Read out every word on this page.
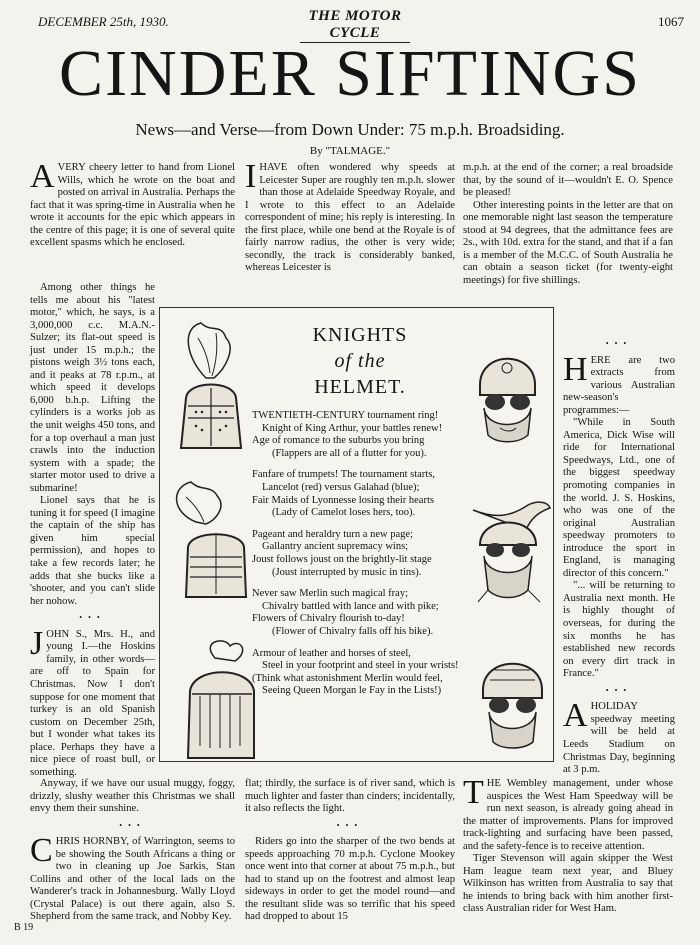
DECEMBER 25th, 1930.	THE MOTOR CYCLE
1067
CINDER SIFTINGS
News—and Verse—from Down Under: 75 m.p.h. Broadsiding.
By "TALMAGE."

AVERY cheery letter to hand from Lionel Wills, which he wrote on the boat and posted on arrival in Australia. Perhaps the fact that it was spring-time in Australia when he wrote it accounts for the epic which appears in the centre of this page; it is one of several quite excellent spasms which he enclosed.

Among other things he tells me about his "latest motor," which, he says, is a 3,000,000 c.c. M.A.N.-Sulzer; its flat-out speed is just under 15 m.p.h.; the pistons weigh 3½ tons each, and it peaks at 78 r.p.m., at which speed it develops 6,000 b.h.p. Lifting the cylinders is a works job as the unit weighs 450 tons, and for a top overhaul a man just crawls into the induction system with a spade; the starter motor used to drive a submarine!

Lionel says that he is tuning it for speed (I imagine the captain of the ship has given him special permission), and hopes to take a few records later; he adds that she bucks like a 'shooter, and you can't slide her nohow.

•••

JOHN S., Mrs. H., and young I.—the Hoskins family, in other words—are off to Spain for Christmas. Now I don't suppose for one moment that turkey is an old Spanish custom on December 25th, but I wonder what takes its place. Perhaps they have a nice piece of roast bull, or something.

Anyway, if we have our usual muggy, foggy, drizzly, slushy weather this Christmas we shall envy them their sunshine.

•••

CHRIS HORNBY, of Warrington, seems to be showing the South Africans a thing or two in cleaning up Joe Sarkis, Stan Collins and other of the local lads on the Wanderer's track in Johannesburg. Wally Lloyd (Crystal Palace) is out there again, also S. Shepherd from the same track, and Nobby Key.

IHAVE often wondered why speeds at Leicester Super are roughly ten m.p.h. slower than those at Adelaide Speedway Royale, and I wrote to this effect to an Adelaide correspondent of mine; his reply is interesting. In the first place, while one bend at the Royale is of fairly narrow radius, the other is very wide; secondly, the track is considerably banked, whereas Leicester is

flat; thirdly, the surface is of river sand, which is much lighter and faster than cinders; incidentally, it also reflects the light.

•••

Riders go into the sharper of the two bends at speeds approaching 70 m.p.h. Cyclone Mookey once went into that corner at about 75 m.p.h., but had to stand up on the footrest and almost leap sideways in order to get the model round—and the resultant slide was so terrific that his speed had dropped to about 15

m.p.h. at the end of the corner; a real broadside that, by the sound of it—wouldn't E. O. Spence be pleased!

Other interesting points in the letter are that on one memorable night last season the temperature stood at 94 degrees, that the admittance fees are 2s., with 10d. extra for the stand, and that if a fan is a member of the M.C.C. of South Australia he can obtain a season ticket (for twenty-eight meetings) for five shillings.

•••

HERE are two extracts from various Australian new-season's programmes:—

"While in South America, Dick Wise will ride for International Speedways, Ltd., one of the biggest speedway promoting companies in the world. J. S. Hoskins, who was one of the original Australian speedway promoters to introduce the sport in England, is managing director of this concern."

"... will be returning to Australia next month. He is highly thought of overseas, for during the six months he has established new records on every dirt track in France."

•••

AHOLIDAY speedway meeting will be held at Leeds Stadium on Christmas Day, beginning at 3 p.m.

THE Wembley management, under whose auspices the West Ham Speedway will be run next season, is already going ahead in the matter of improvements. Plans for improved track-lighting and surfacing have been passed, and the safety-fence is to receive attention.

Tiger Stevenson will again skipper the West Ham league team next year, and Bluey Wilkinson has written from Australia to say that he intends to bring back with him another first-class Australian rider for West Ham.

KNIGHTS
of the
HELMET.
TWENTIETH-CENTURY tournament ring!
Knight of King Arthur, your battles renew!
Age of romance to the suburbs you bring
(Flappers are all of a flutter for you).
Fanfare of trumpets! The tournament starts,
Lancelot (red) versus Galahad (blue);
Fair Maids of Lyonnesse losing their hearts
(Lady of Camelot loses hers, too).
Pageant and heraldry turn a new page;
Gallantry ancient supremacy wins;
Joust follows joust on the brightly-lit stage
(Joust interrupted by music in tins).
Never saw Merlin such magical fray;
Chivalry battled with lance and with pike;
Flowers of Chivalry flourish to-day!
(Flower of Chivalry falls off his bike).
Armour of leather and horses of steel,
Steel in your footprint and steel in your wrists!
(Think what astonishment Merlin would feel,
Seeing Queen Morgan le Fay in the Lists!)
B 19
